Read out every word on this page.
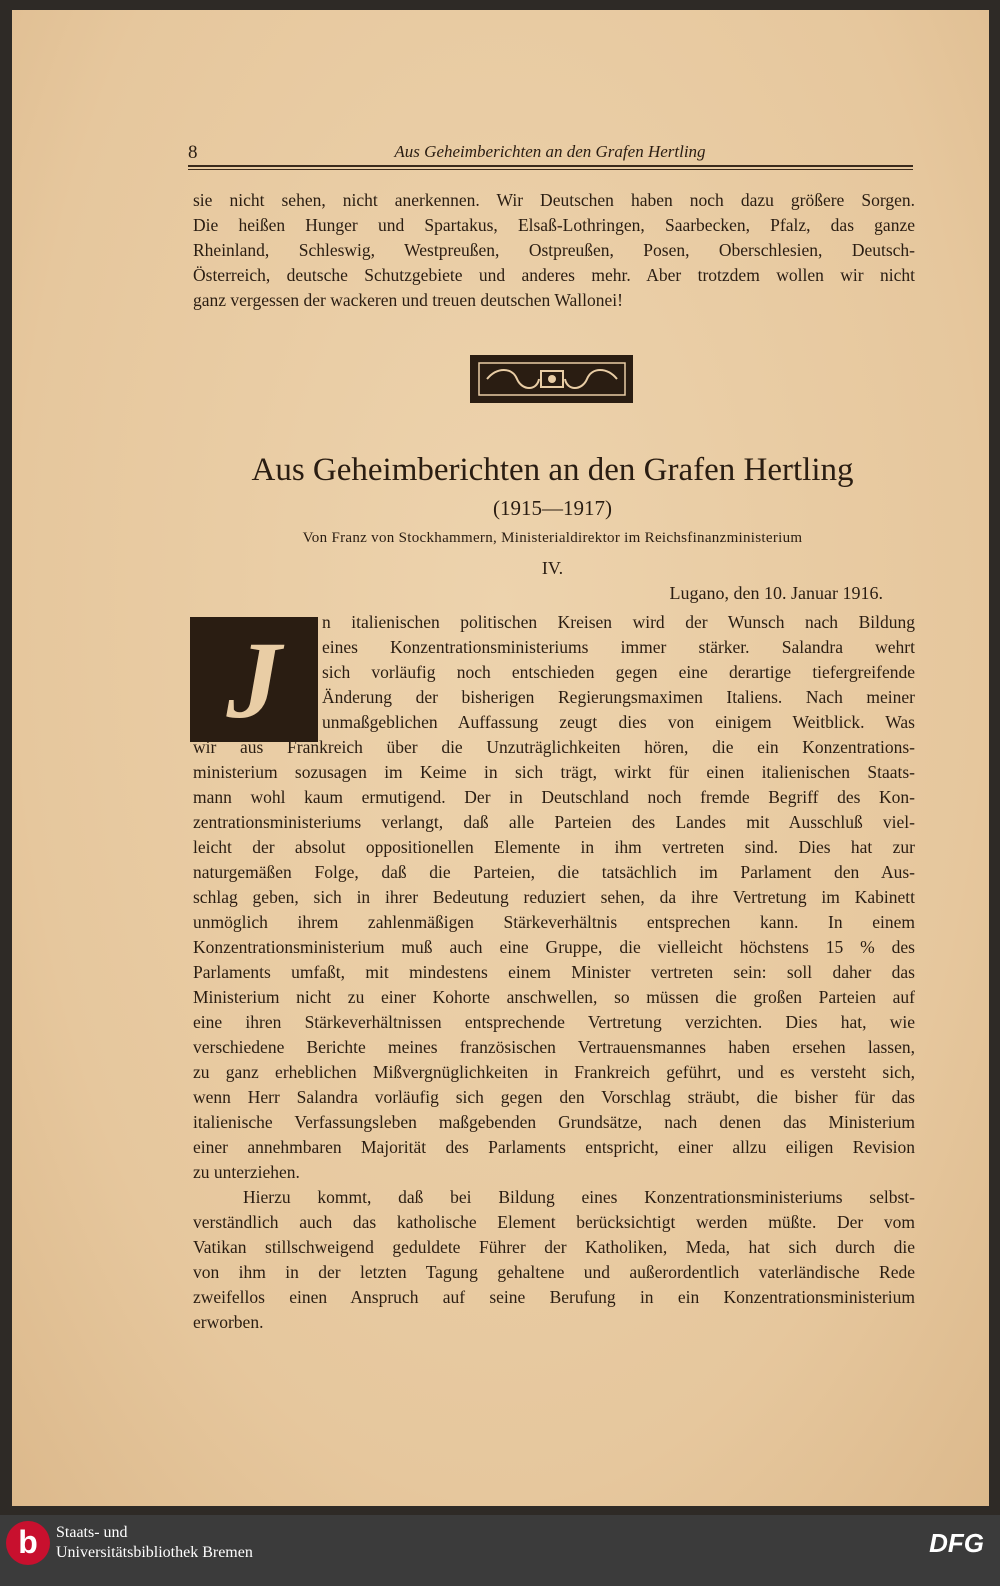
8	Aus Geheimberichten an den Grafen Hertling
sie nicht sehen, nicht anerkennen. Wir Deutschen haben noch dazu größere Sorgen.
Die heißen Hunger und Spartakus, Elsaß-Lothringen, Saarbecken, Pfalz, das ganze
Rheinland, Schleswig, Westpreußen, Ostpreußen, Posen, Oberschlesien, Deutsch-
Österreich, deutsche Schutzgebiete und anderes mehr. Aber trotzdem wollen wir nicht
ganz vergessen der wackeren und treuen deutschen Wallonei!
Aus Geheimberichten an den Grafen Hertling
(1915—1917)
Von Franz von Stockhammern, Ministerialdirektor im Reichsfinanzministerium
IV.
Lugano, den 10. Januar 1916.
J n italienischen politischen Kreisen wird der Wunsch nach Bildung
eines Konzentrationsministeriums immer stärker. Salandra wehrt
sich vorläufig noch entschieden gegen eine derartige tiefergreifende
Änderung der bisherigen Regierungsmaximen Italiens. Nach meiner
unmaßgeblichen Auffassung zeugt dies von einigem Weitblick. Was
wir aus Frankreich über die Unzuträglichkeiten hören, die ein Konzentrations-
ministerium sozusagen im Keime in sich trägt, wirkt für einen italienischen Staats-
mann wohl kaum ermutigend. Der in Deutschland noch fremde Begriff des Kon-
zentrationsministeriums verlangt, daß alle Parteien des Landes mit Ausschluß viel-
leicht der absolut oppositionellen Elemente in ihm vertreten sind. Dies hat zur
naturgemäßen Folge, daß die Parteien, die tatsächlich im Parlament den Aus-
schlag geben, sich in ihrer Bedeutung reduziert sehen, da ihre Vertretung im Kabinett
unmöglich ihrem zahlenmäßigen Stärkeverhältnis entsprechen kann. In einem
Konzentrationsministerium muß auch eine Gruppe, die vielleicht höchstens 15 % des
Parlaments umfaßt, mit mindestens einem Minister vertreten sein: soll daher das
Ministerium nicht zu einer Kohorte anschwellen, so müssen die großen Parteien auf
eine ihren Stärkeverhältnissen entsprechende Vertretung verzichten. Dies hat, wie
verschiedene Berichte meines französischen Vertrauensmannes haben ersehen lassen,
zu ganz erheblichen Mißvergnüglichkeiten in Frankreich geführt, und es versteht sich,
wenn Herr Salandra vorläufig sich gegen den Vorschlag sträubt, die bisher für das
italienische Verfassungsleben maßgebenden Grundsätze, nach denen das Ministerium
einer annehmbaren Majorität des Parlaments entspricht, einer allzu eiligen Revision
zu unterziehen.
Hierzu kommt, daß bei Bildung eines Konzentrationsministeriums selbst-
verständlich auch das katholische Element berücksichtigt werden müßte. Der vom
Vatikan stillschweigend geduldete Führer der Katholiken, Meda, hat sich durch die
von ihm in der letzten Tagung gehaltene und außerordentlich vaterländische Rede
zweifellos einen Anspruch auf seine Berufung in ein Konzentrationsministerium
erworben.
b	Staats- und
Universitätsbibliothek Bremen	DFG
